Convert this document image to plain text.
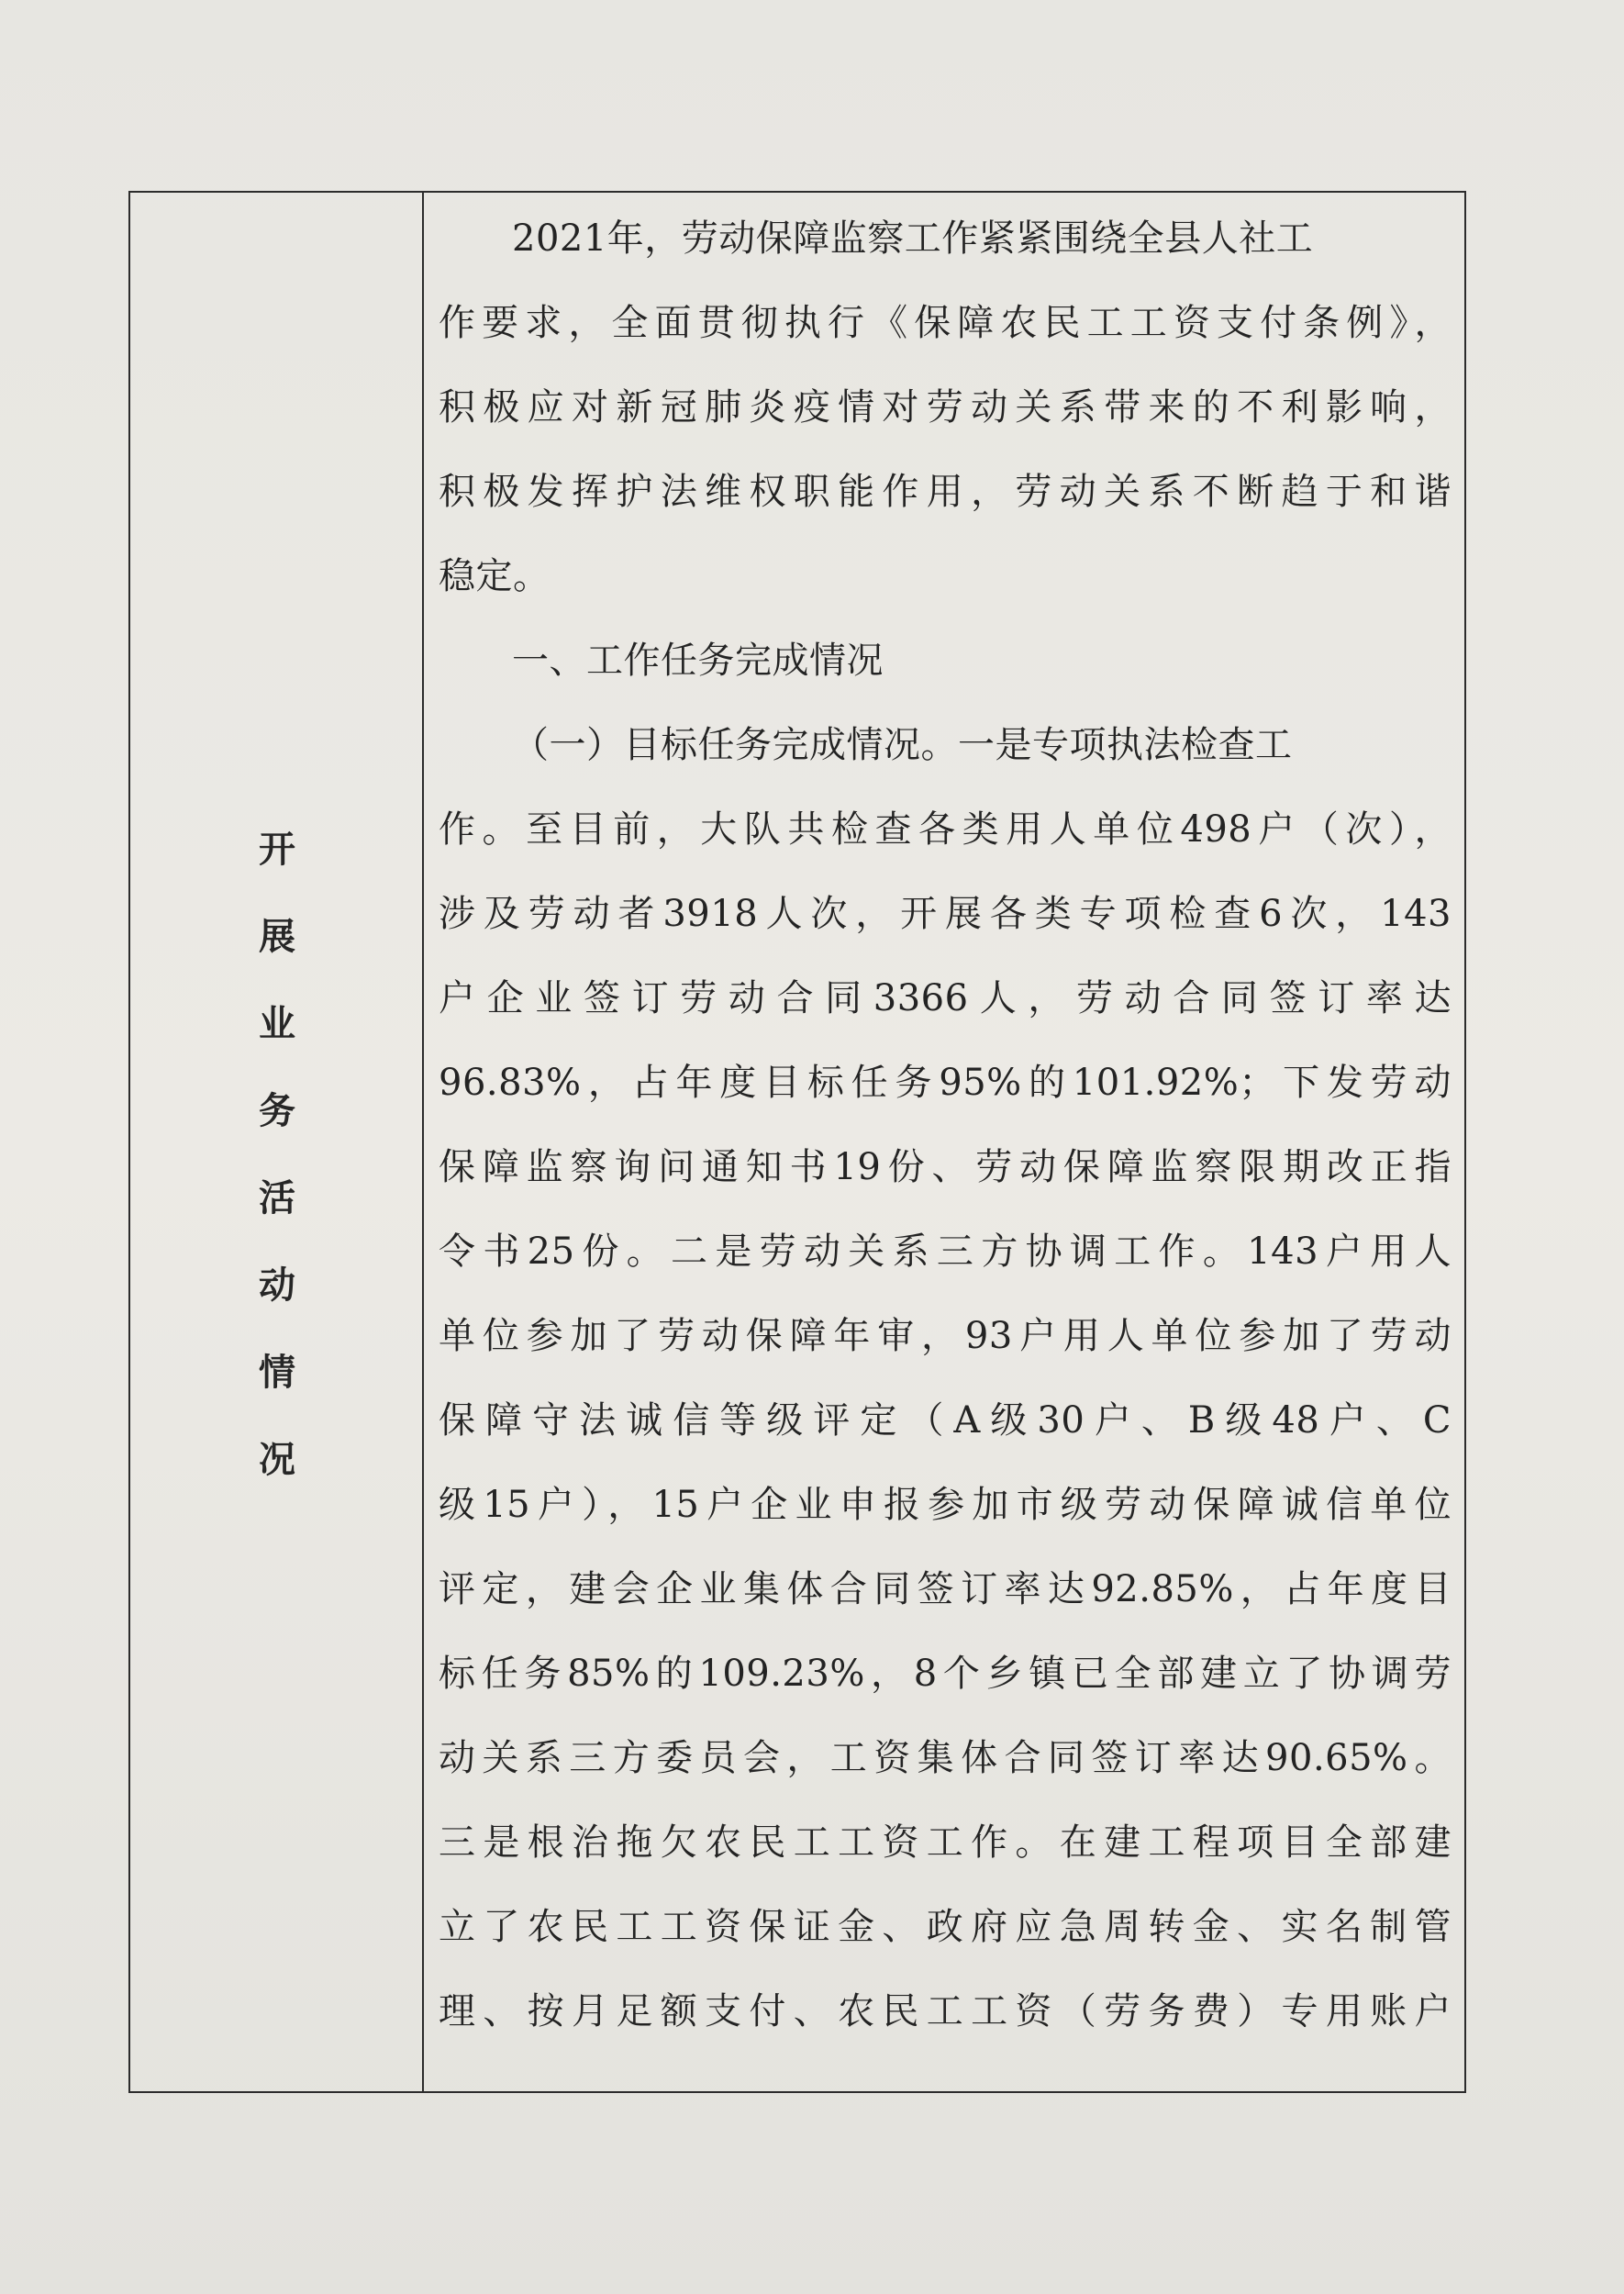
开
展
业
务
活
动
情
况
2021年，劳动保障监察工作紧紧围绕全县人社工
作要求，全面贯彻执行《保障农民工工资支付条例》，
积极应对新冠肺炎疫情对劳动关系带来的不利影响，
积极发挥护法维权职能作用，劳动关系不断趋于和谐
稳定。
一、工作任务完成情况
（一）目标任务完成情况。一是专项执法检查工
作。至目前，大队共检查各类用人单位498户（次），
涉及劳动者3918人次，开展各类专项检查6次，143
户企业签订劳动合同3366人，劳动合同签订率达
96.83%，占年度目标任务95%的101.92%；下发劳动
保障监察询问通知书19份、劳动保障监察限期改正指
令书25份。二是劳动关系三方协调工作。143户用人
单位参加了劳动保障年审，93户用人单位参加了劳动
保障守法诚信等级评定（A级30户、B级48户、C
级15户），15户企业申报参加市级劳动保障诚信单位
评定，建会企业集体合同签订率达92.85%，占年度目
标任务85%的109.23%，8个乡镇已全部建立了协调劳
动关系三方委员会，工资集体合同签订率达90.65%。
三是根治拖欠农民工工资工作。在建工程项目全部建
立了农民工工资保证金、政府应急周转金、实名制管
理、按月足额支付、农民工工资（劳务费）专用账户
